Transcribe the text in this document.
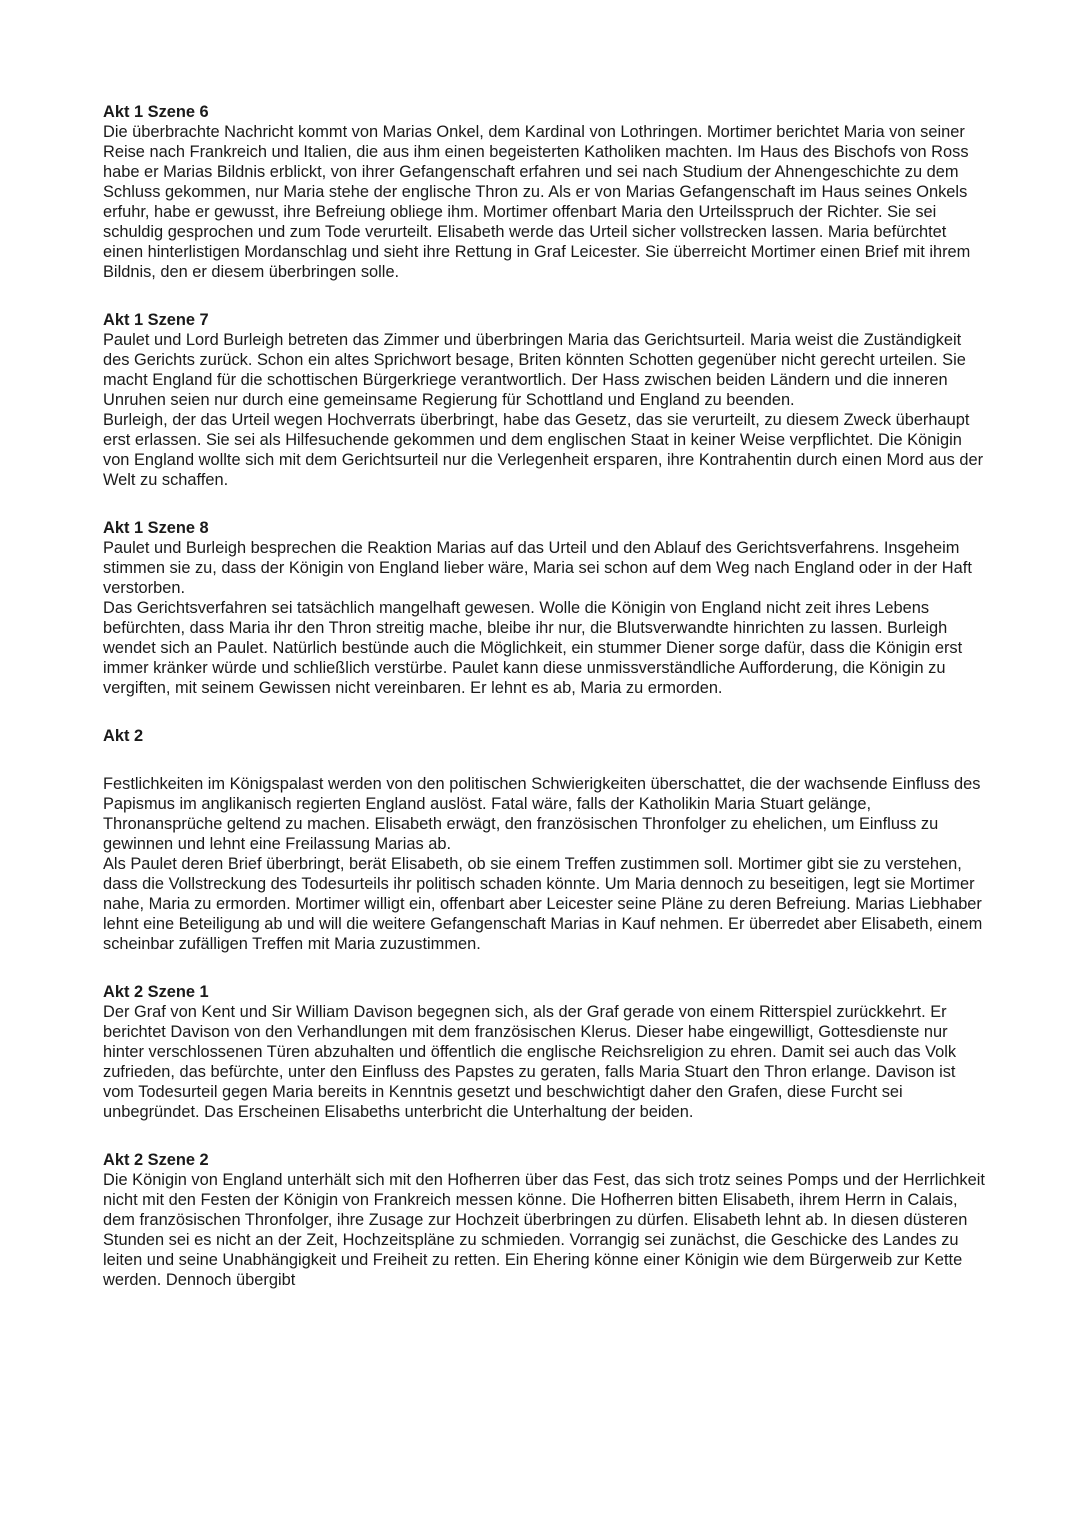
Akt 1 Szene 6

Die überbrachte Nachricht kommt von Marias Onkel, dem Kardinal von Lothringen. Mortimer berichtet Maria von seiner Reise nach Frankreich und Italien, die aus ihm einen begeisterten Katholiken machten. Im Haus des Bischofs von Ross habe er Marias Bildnis erblickt, von ihrer Gefangenschaft erfahren und sei nach Studium der Ahnengeschichte zu dem Schluss gekommen, nur Maria stehe der englische Thron zu. Als er von Marias Gefangenschaft im Haus seines Onkels erfuhr, habe er gewusst, ihre Befreiung obliege ihm. Mortimer offenbart Maria den Urteilsspruch der Richter. Sie sei schuldig gesprochen und zum Tode verurteilt. Elisabeth werde das Urteil sicher vollstrecken lassen. Maria befürchtet einen hinterlistigen Mordanschlag und sieht ihre Rettung in Graf Leicester. Sie überreicht Mortimer einen Brief mit ihrem Bildnis, den er diesem überbringen solle.

Akt 1 Szene 7

Paulet und Lord Burleigh betreten das Zimmer und überbringen Maria das Gerichtsurteil. Maria weist die Zuständigkeit des Gerichts zurück. Schon ein altes Sprichwort besage, Briten könnten Schotten gegenüber nicht gerecht urteilen. Sie macht England für die schottischen Bürgerkriege verantwortlich. Der Hass zwischen beiden Ländern und die inneren Unruhen seien nur durch eine gemeinsame Regierung für Schottland und England zu beenden.

Burleigh, der das Urteil wegen Hochverrats überbringt, habe das Gesetz, das sie verurteilt, zu diesem Zweck überhaupt erst erlassen. Sie sei als Hilfesuchende gekommen und dem englischen Staat in keiner Weise verpflichtet. Die Königin von England wollte sich mit dem Gerichtsurteil nur die Verlegenheit ersparen, ihre Kontrahentin durch einen Mord aus der Welt zu schaffen.

Akt 1 Szene 8

Paulet und Burleigh besprechen die Reaktion Marias auf das Urteil und den Ablauf des Gerichtsverfahrens. Insgeheim stimmen sie zu, dass der Königin von England lieber wäre, Maria sei schon auf dem Weg nach England oder in der Haft verstorben.

Das Gerichtsverfahren sei tatsächlich mangelhaft gewesen. Wolle die Königin von England nicht zeit ihres Lebens befürchten, dass Maria ihr den Thron streitig mache, bleibe ihr nur, die Blutsverwandte hinrichten zu lassen. Burleigh wendet sich an Paulet. Natürlich bestünde auch die Möglichkeit, ein stummer Diener sorge dafür, dass die Königin erst immer kränker würde und schließlich verstürbe. Paulet kann diese unmissverständliche Aufforderung, die Königin zu vergiften, mit seinem Gewissen nicht vereinbaren. Er lehnt es ab, Maria zu ermorden.

Akt 2

Festlichkeiten im Königspalast werden von den politischen Schwierigkeiten überschattet, die der wachsende Einfluss des Papismus im anglikanisch regierten England auslöst. Fatal wäre, falls der Katholikin Maria Stuart gelänge, Thronansprüche geltend zu machen. Elisabeth erwägt, den französischen Thronfolger zu ehelichen, um Einfluss zu gewinnen und lehnt eine Freilassung Marias ab.

Als Paulet deren Brief überbringt, berät Elisabeth, ob sie einem Treffen zustimmen soll. Mortimer gibt sie zu verstehen, dass die Vollstreckung des Todesurteils ihr politisch schaden könnte. Um Maria dennoch zu beseitigen, legt sie Mortimer nahe, Maria zu ermorden. Mortimer willigt ein, offenbart aber Leicester seine Pläne zu deren Befreiung. Marias Liebhaber lehnt eine Beteiligung ab und will die weitere Gefangenschaft Marias in Kauf nehmen. Er überredet aber Elisabeth, einem scheinbar zufälligen Treffen mit Maria zuzustimmen.

Akt 2 Szene 1

Der Graf von Kent und Sir William Davison begegnen sich, als der Graf gerade von einem Ritterspiel zurückkehrt. Er berichtet Davison von den Verhandlungen mit dem französischen Klerus. Dieser habe eingewilligt, Gottesdienste nur hinter verschlossenen Türen abzuhalten und öffentlich die englische Reichsreligion zu ehren. Damit sei auch das Volk zufrieden, das befürchte, unter den Einfluss des Papstes zu geraten, falls Maria Stuart den Thron erlange. Davison ist vom Todesurteil gegen Maria bereits in Kenntnis gesetzt und beschwichtigt daher den Grafen, diese Furcht sei unbegründet. Das Erscheinen Elisabeths unterbricht die Unterhaltung der beiden.

Akt 2 Szene 2

Die Königin von England unterhält sich mit den Hofherren über das Fest, das sich trotz seines Pomps und der Herrlichkeit nicht mit den Festen der Königin von Frankreich messen könne. Die Hofherren bitten Elisabeth, ihrem Herrn in Calais, dem französischen Thronfolger, ihre Zusage zur Hochzeit überbringen zu dürfen. Elisabeth lehnt ab. In diesen düsteren Stunden sei es nicht an der Zeit, Hochzeitspläne zu schmieden. Vorrangig sei zunächst, die Geschicke des Landes zu leiten und seine Unabhängigkeit und Freiheit zu retten. Ein Ehering könne einer Königin wie dem Bürgerweib zur Kette werden. Dennoch übergibt
